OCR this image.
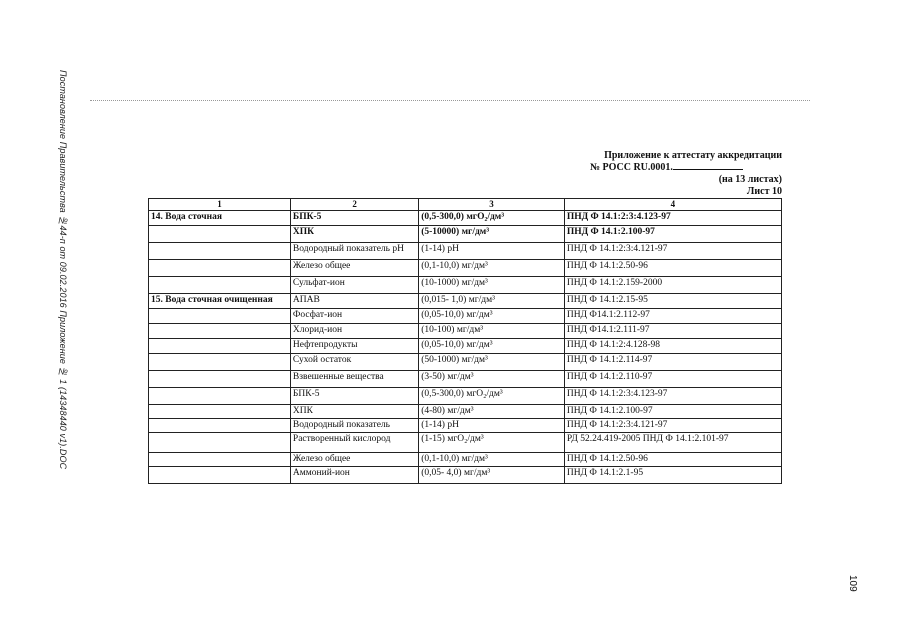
Постановление Правительства №44-п от 09.02.2016 Приложение № 1 (14348440 v1).DOC
109
Приложение к аттестату аккредитации
№ РОСС RU.0001.
(на 13 листах)
Лист 10
1	2	3	4
14. Вода сточная	БПК-5	(0,5-300,0) мгО₂/дм³	ПНД Ф 14.1:2:3:4.123-97
	ХПК	(5-10000) мг/дм³	ПНД Ф 14.1:2.100-97
	Водородный показатель рН	(1-14) рН	ПНД Ф 14.1:2:3:4.121-97
	Железо общее	(0,1-10,0) мг/дм³	ПНД Ф 14.1:2.50-96
	Сульфат-ион	(10-1000) мг/дм³	ПНД Ф 14.1:2.159-2000
15. Вода сточная очищенная	АПАВ	(0,015- 1,0) мг/дм³	ПНД Ф 14.1:2.15-95
	Фосфат-ион	(0,05-10,0) мг/дм³	ПНД Ф14.1:2.112-97
	Хлорид-ион	(10-100) мг/дм³	ПНД Ф14.1:2.111-97
	Нефтепродукты	(0,05-10,0) мг/дм³	ПНД Ф 14.1:2:4.128-98
	Сухой остаток	(50-1000) мг/дм³	ПНД Ф 14.1:2.114-97
	Взвешенные вещества	(3-50) мг/дм³	ПНД Ф 14.1:2.110-97
	БПК-5	(0,5-300,0) мгО₂/дм³	ПНД Ф 14.1:2:3:4.123-97
	ХПК	(4-80) мг/дм³	ПНД Ф 14.1:2.100-97
	Водородный показатель	(1-14) рН	ПНД Ф 14.1:2:3:4.121-97
	Растворенный кислород	(1-15) мгО₂/дм³	РД 52.24.419-2005 ПНД Ф 14.1:2.101-97
	Железо общее	(0,1-10,0) мг/дм³	ПНД Ф 14.1:2.50-96
	Аммоний-ион	(0,05- 4,0) мг/дм³	ПНД Ф 14.1:2.1-95
